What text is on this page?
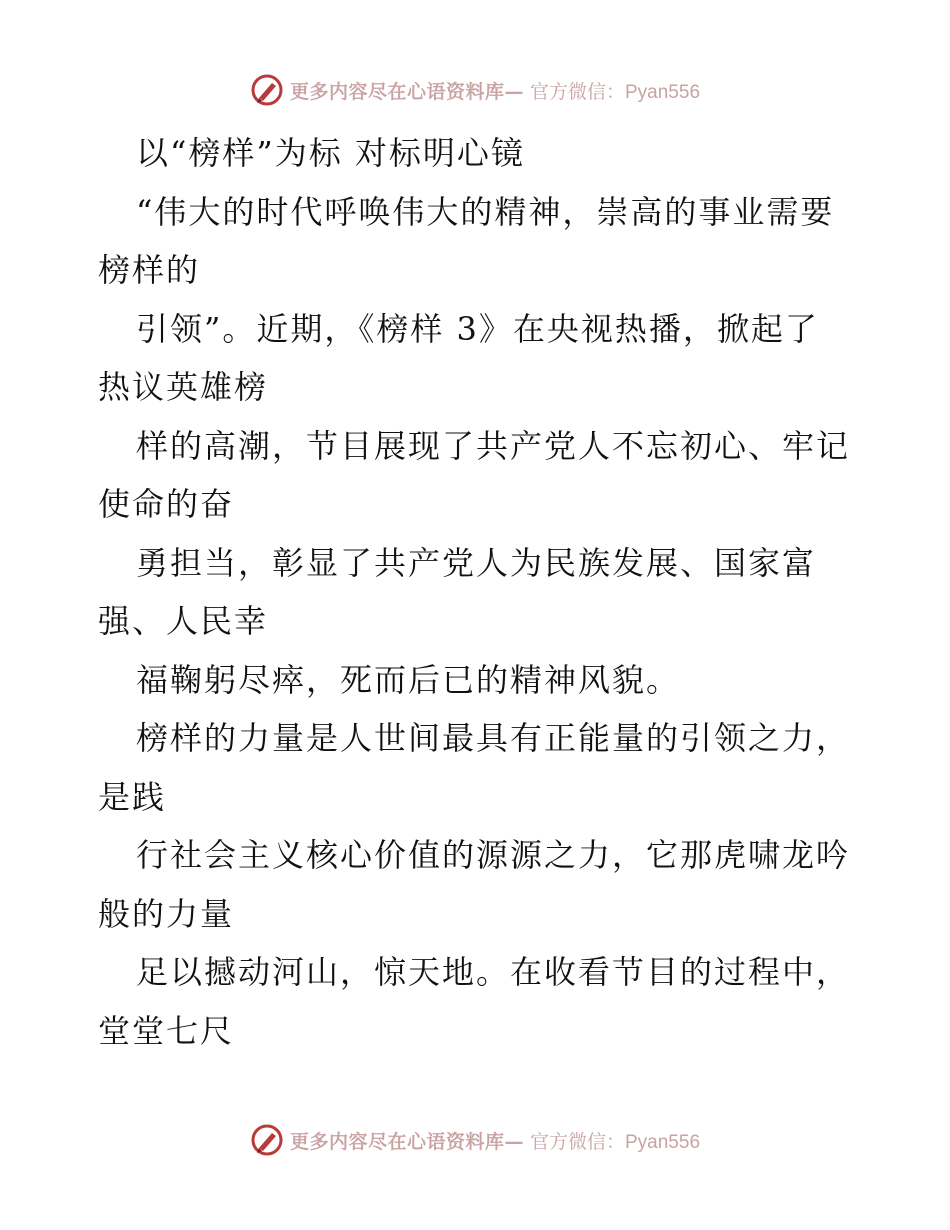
更多内容尽在心语资料库— 官方微信：Pyan556
以“榜样”为标 对标明心镜
“伟大的时代呼唤伟大的精神，崇高的事业需要
榜样的
引领”。近期，《榜样 3》在央视热播，掀起了
热议英雄榜
样的高潮，节目展现了共产党人不忘初心、牢记
使命的奋
勇担当，彰显了共产党人为民族发展、国家富
强、人民幸
福鞠躬尽瘁，死而后已的精神风貌。
榜样的力量是人世间最具有正能量的引领之力，
是践
行社会主义核心价值的源源之力，它那虎啸龙吟
般的力量
足以撼动河山，惊天地。在收看节目的过程中，
堂堂七尺
更多内容尽在心语资料库— 官方微信：Pyan556
